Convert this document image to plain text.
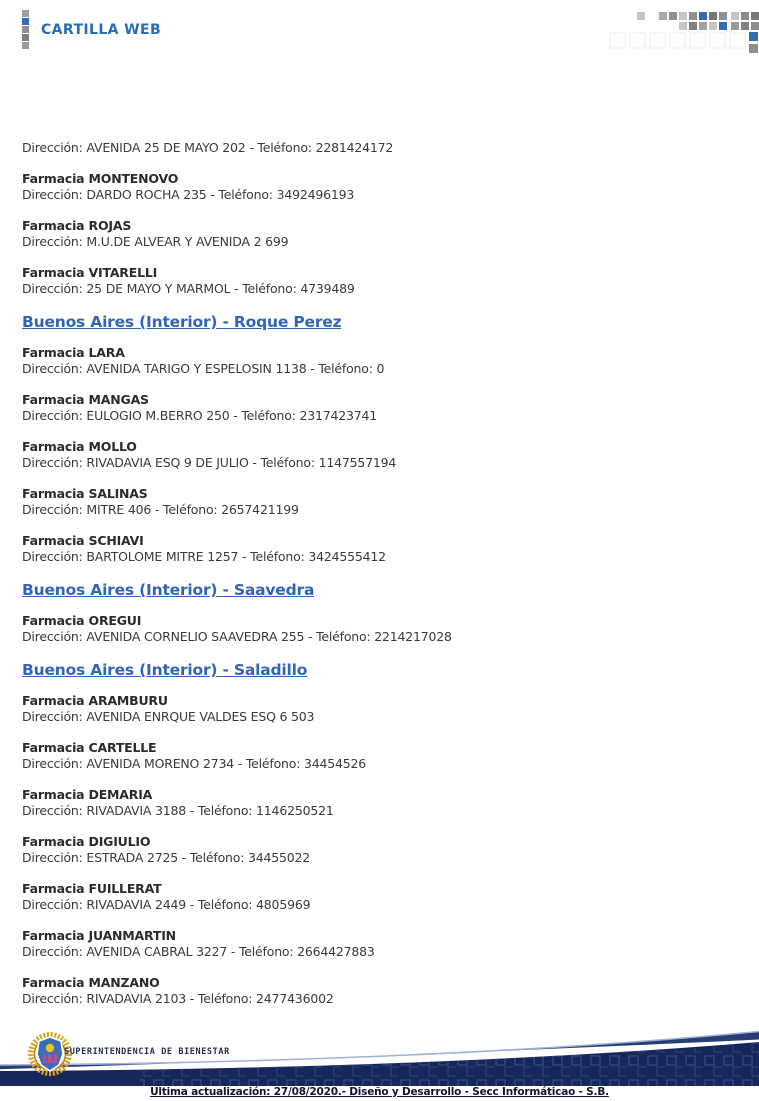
CARTILLA WEB
Dirección: AVENIDA 25 DE MAYO 202 - Teléfono: 2281424172
Farmacia MONTENOVO
Dirección: DARDO ROCHA 235 - Teléfono: 3492496193
Farmacia ROJAS
Dirección: M.U.DE ALVEAR Y AVENIDA 2 699
Farmacia VITARELLI
Dirección: 25 DE MAYO Y MARMOL - Teléfono: 4739489
Buenos Aires (Interior) - Roque Perez
Farmacia LARA
Dirección: AVENIDA TARIGO Y ESPELOSIN 1138 - Teléfono: 0
Farmacia MANGAS
Dirección: EULOGIO M.BERRO 250 - Teléfono: 2317423741
Farmacia MOLLO
Dirección: RIVADAVIA ESQ 9 DE JULIO - Teléfono: 1147557194
Farmacia SALINAS
Dirección: MITRE 406 - Teléfono: 2657421199
Farmacia SCHIAVI
Dirección: BARTOLOME MITRE 1257 - Teléfono: 3424555412
Buenos Aires (Interior) - Saavedra
Farmacia OREGUI
Dirección: AVENIDA CORNELIO SAAVEDRA 255 - Teléfono: 2214217028
Buenos Aires (Interior) - Saladillo
Farmacia ARAMBURU
Dirección: AVENIDA ENRQUE VALDES ESQ 6 503
Farmacia CARTELLE
Dirección: AVENIDA MORENO 2734 - Teléfono: 34454526
Farmacia DEMARIA
Dirección: RIVADAVIA 3188 - Teléfono: 1146250521
Farmacia DIGIULIO
Dirección: ESTRADA 2725 - Teléfono: 34455022
Farmacia FUILLERAT
Dirección: RIVADAVIA 2449 - Teléfono: 4805969
Farmacia JUANMARTIN
Dirección: AVENIDA CABRAL 3227 - Teléfono: 2664427883
Farmacia MANZANO
Dirección: RIVADAVIA 2103 - Teléfono: 2477436002
SUPERINTENDENCIA DE BIENESTAR
Última actualización: 27/08/2020.- Diseño y Desarrollo - Secc Informáticao - S.B.
